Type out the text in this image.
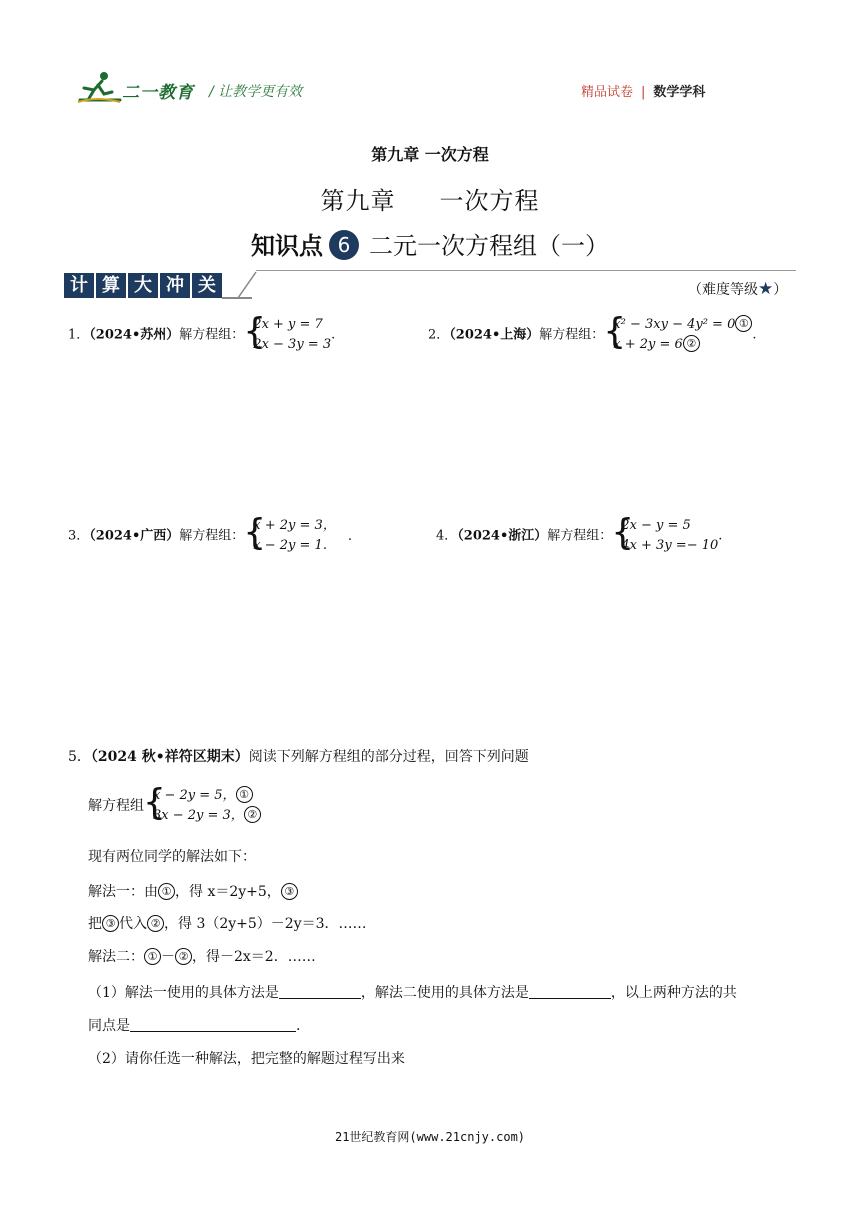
二一教育 / 让教学更有效	精品试卷 | 数学学科
第九章 一次方程
第九章 一次方程
知识点 6 二元一次方程组（一）
计 算 大 冲 关	（难度等级★）
1．（2024•苏州）解方程组： {
2x + y = 7
2x − 3y = 3
.	2．（2024•上海）解方程组： {
x² − 3xy − 4y² = 0 ①
x + 2y = 6 ②
.
3．（2024•广西）解方程组： {
x + 2y = 3，
x − 2y = 1.
.	4．（2024•浙江）解方程组： {
2x − y = 5
4x + 3y =− 10
.
5．（2024 秋•祥符区期末）阅读下列解方程组的部分过程，回答下列问题
解方程组 {
x − 2y = 5， ①
3x − 2y = 3， ②
现有两位同学的解法如下：
解法一：由 ① ，得 x＝2y+5， ③
把 ③ 代入 ② ，得 3（2y+5）－2y＝3．……
解法二： ① － ② ，得－2x＝2．……
（1）解法一使用的具体方法是	，解法二使用的具体方法是	，以上两种方法的共
同点是	.
（2）请你任选一种解法，把完整的解题过程写出来
21世纪教育网(www.21cnjy.com)
